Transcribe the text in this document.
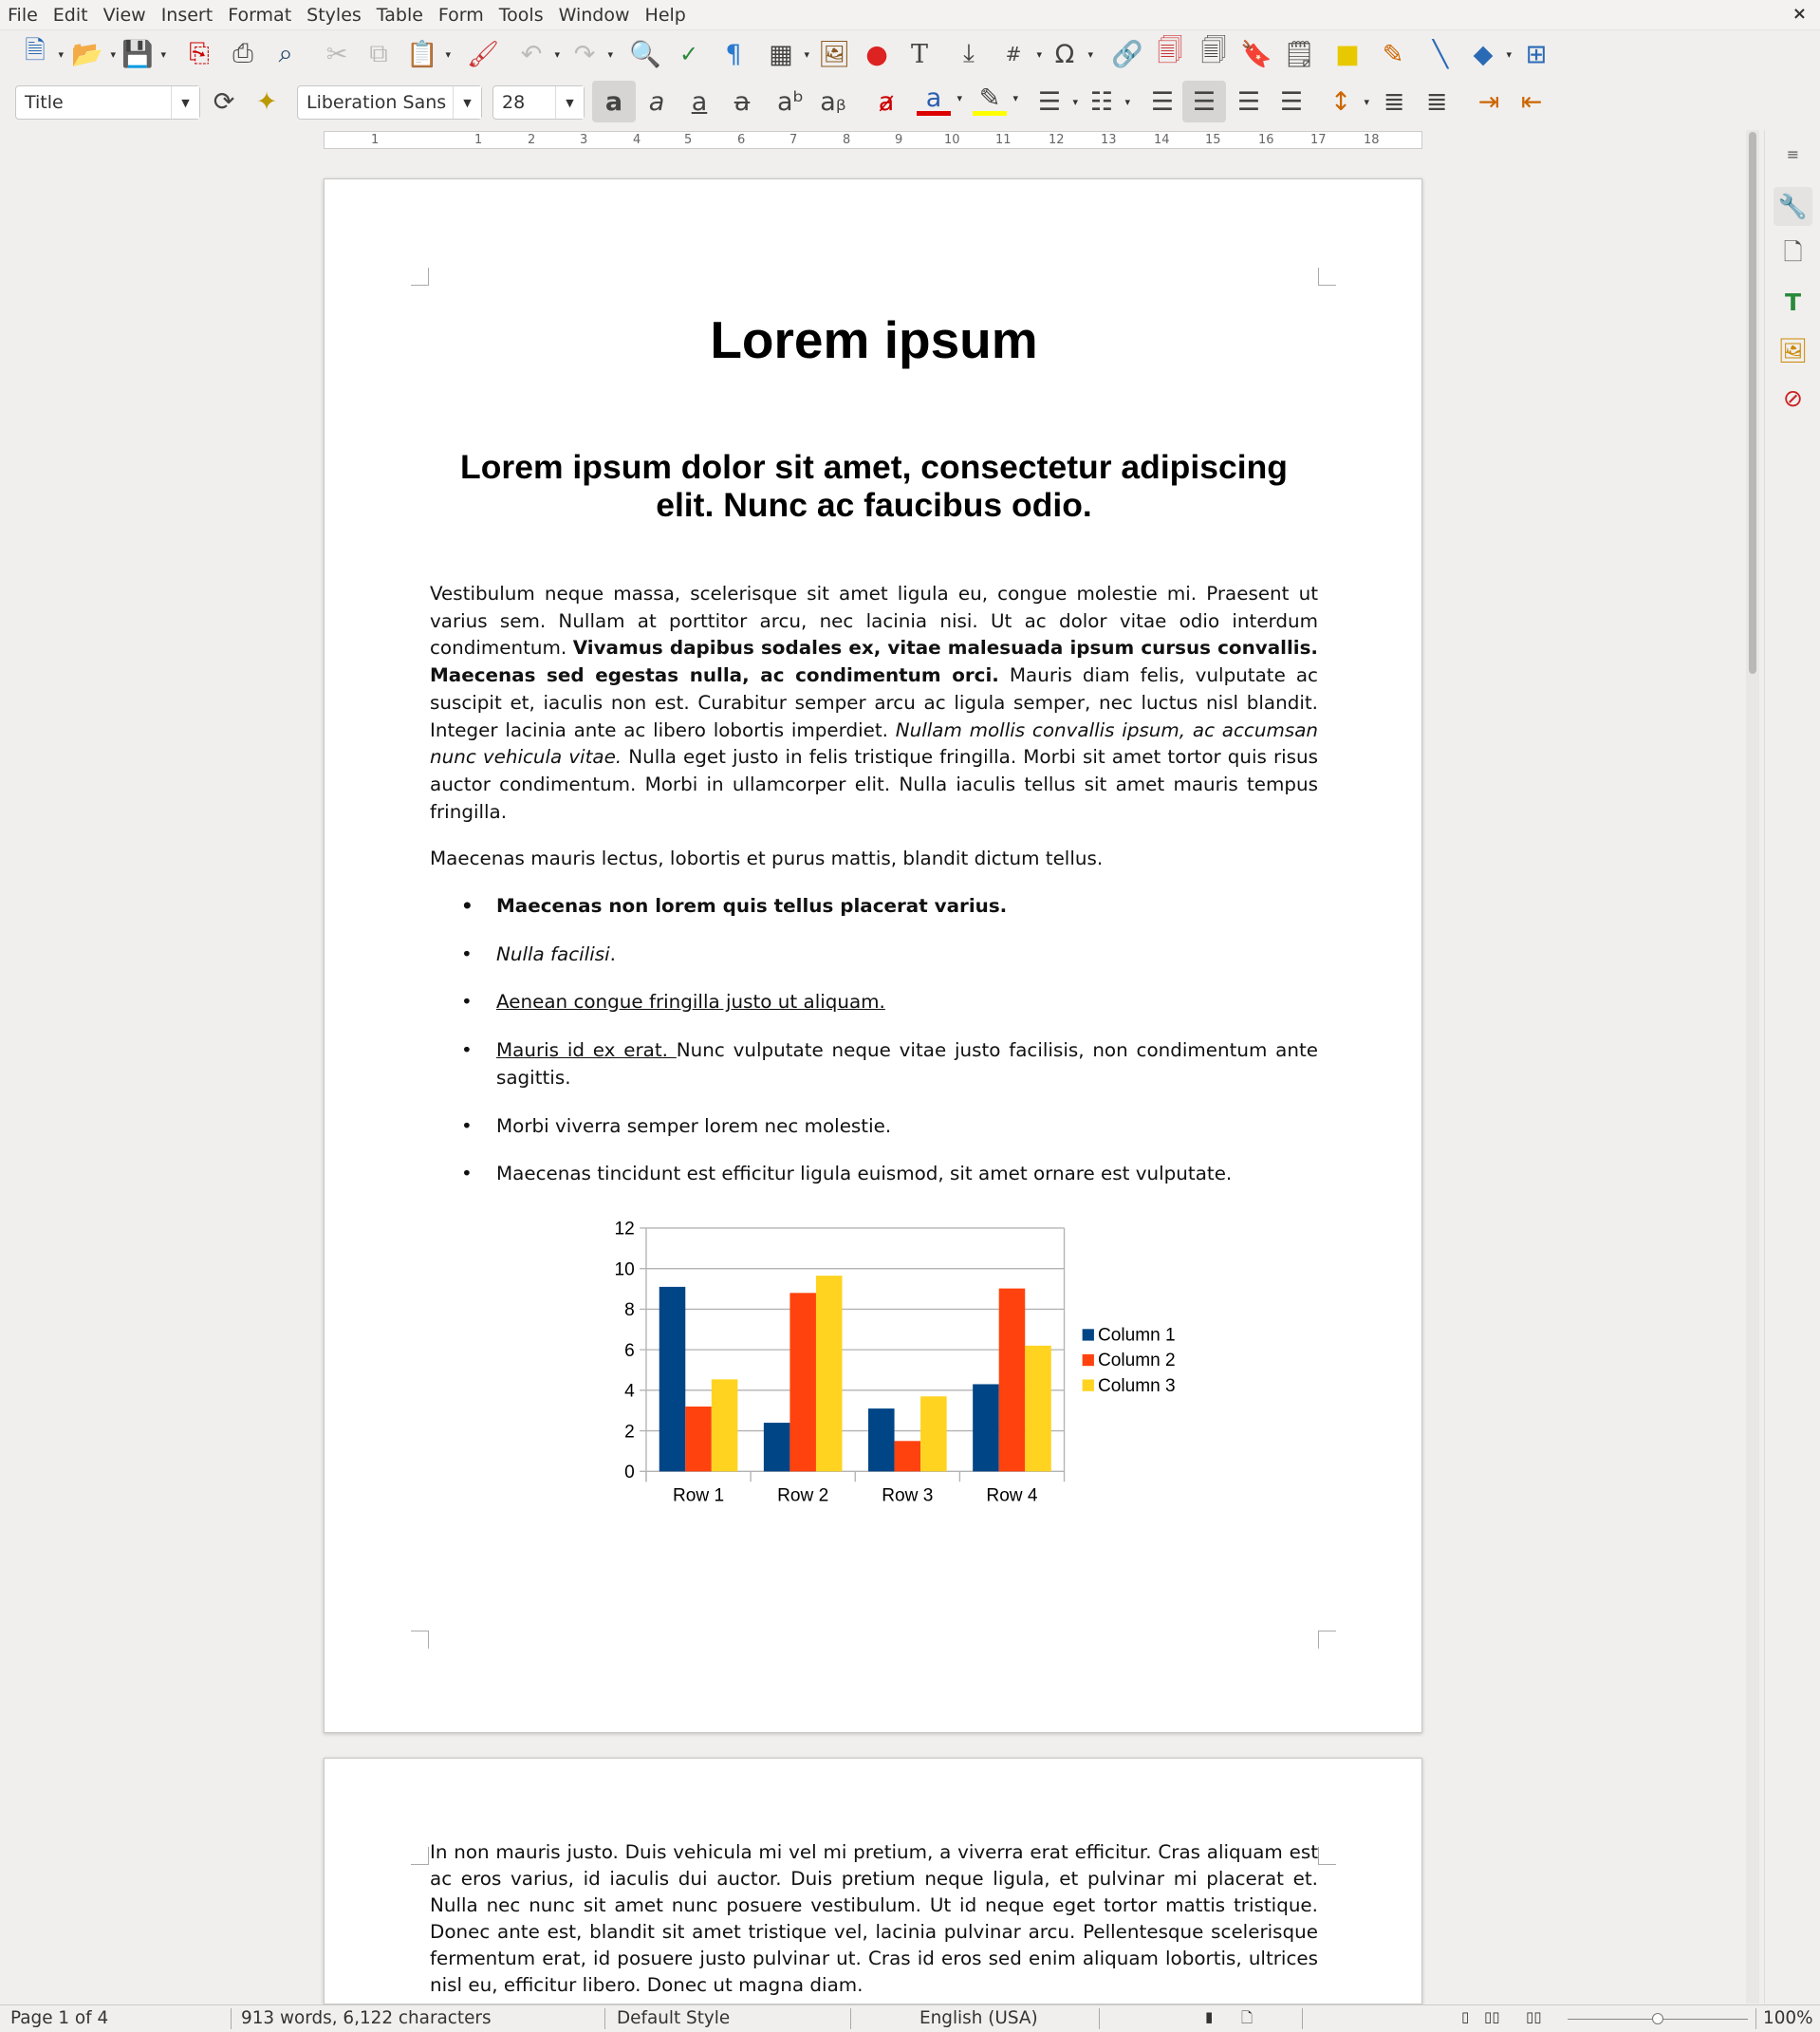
File Edit View Insert Format Styles Table Form Tools Window Help	×
🗎 ▾ 📂 ▾ 💾 ▾ ⎘ ⎙ ⌕	✂ ⧉ 📋 ▾ 🖌 ↶ ▾ ↷ ▾ 🔍 ✓	¶	▦ ▾ 🖼 ● T	⤓	# ▾ Ω ▾ 🔗 🗐 🗐 🔖 🗒 ■ ✎	╲ ◆ ▾ ⊞
Title	▼ ⟳ ✦	Liberation Sans	▼	28	▼	a	a	a	a	aᵇ aᵦ	ⱥ	a ▾ ✎ ▾ ☰ ▾ ☷ ▾ ☰ ☰ ☰ ☰ ↕ ▾ ≣ ≣ ⇥ ⇤
1	1	2	3	4	5	6	7	8	9	10	11	12	13	14	15	16	17	18
Lorem ipsum
Lorem ipsum dolor sit amet, consectetur adipiscing elit. Nunc ac faucibus odio.

Vestibulum neque massa, scelerisque sit amet ligula eu, congue molestie mi. Praesent ut varius sem. Nullam at porttitor arcu, nec lacinia nisi. Ut ac dolor vitae odio interdum condimentum. Vivamus dapibus sodales ex, vitae malesuada ipsum cursus convallis. Maecenas sed egestas nulla, ac condimentum orci. Mauris diam felis, vulputate ac suscipit et, iaculis non est. Curabitur semper arcu ac ligula semper, nec luctus nisl blandit. Integer lacinia ante ac libero lobortis imperdiet. Nullam mollis convallis ipsum, ac accumsan nunc vehicula vitae. Nulla eget justo in felis tristique fringilla. Morbi sit amet tortor quis risus auctor condimentum. Morbi in ullamcorper elit. Nulla iaculis tellus sit amet mauris tempus fringilla.

Maecenas mauris lectus, lobortis et purus mattis, blandit dictum tellus.

• Maecenas non lorem quis tellus placerat varius.
• Nulla facilisi.
• Aenean congue fringilla justo ut aliquam.
• Mauris id ex erat. Nunc vulputate neque vitae justo facilisis, non condimentum ante sagittis.
• Morbi viverra semper lorem nec molestie.
• Maecenas tincidunt est efficitur ligula euismod, sit amet ornare est vulputate.
0
2
4
6
8
10
12
Row 1	Row 2	Row 3	Row 4
Column 1
Column 2
Column 3
In non mauris justo. Duis vehicula mi vel mi pretium, a viverra erat efficitur. Cras aliquam est ac eros varius, id iaculis dui auctor. Duis pretium neque ligula, et pulvinar mi placerat et. Nulla nec nunc sit amet nunc posuere vestibulum. Ut id neque eget tortor mattis tristique. Donec ante est, blandit sit amet tristique vel, lacinia pulvinar arcu. Pellentesque scelerisque fermentum erat, id posuere justo pulvinar ut. Cras id eros sed enim aliquam lobortis, ultrices nisl eu, efficitur libero. Donec ut magna diam.
≡
🔧
🗋
T
🖼
⊘
Page 1 of 4	913 words, 6,122 characters	Default Style	English (USA)	▮ 🗋	▯ ▯▯ ▯▯	100%
